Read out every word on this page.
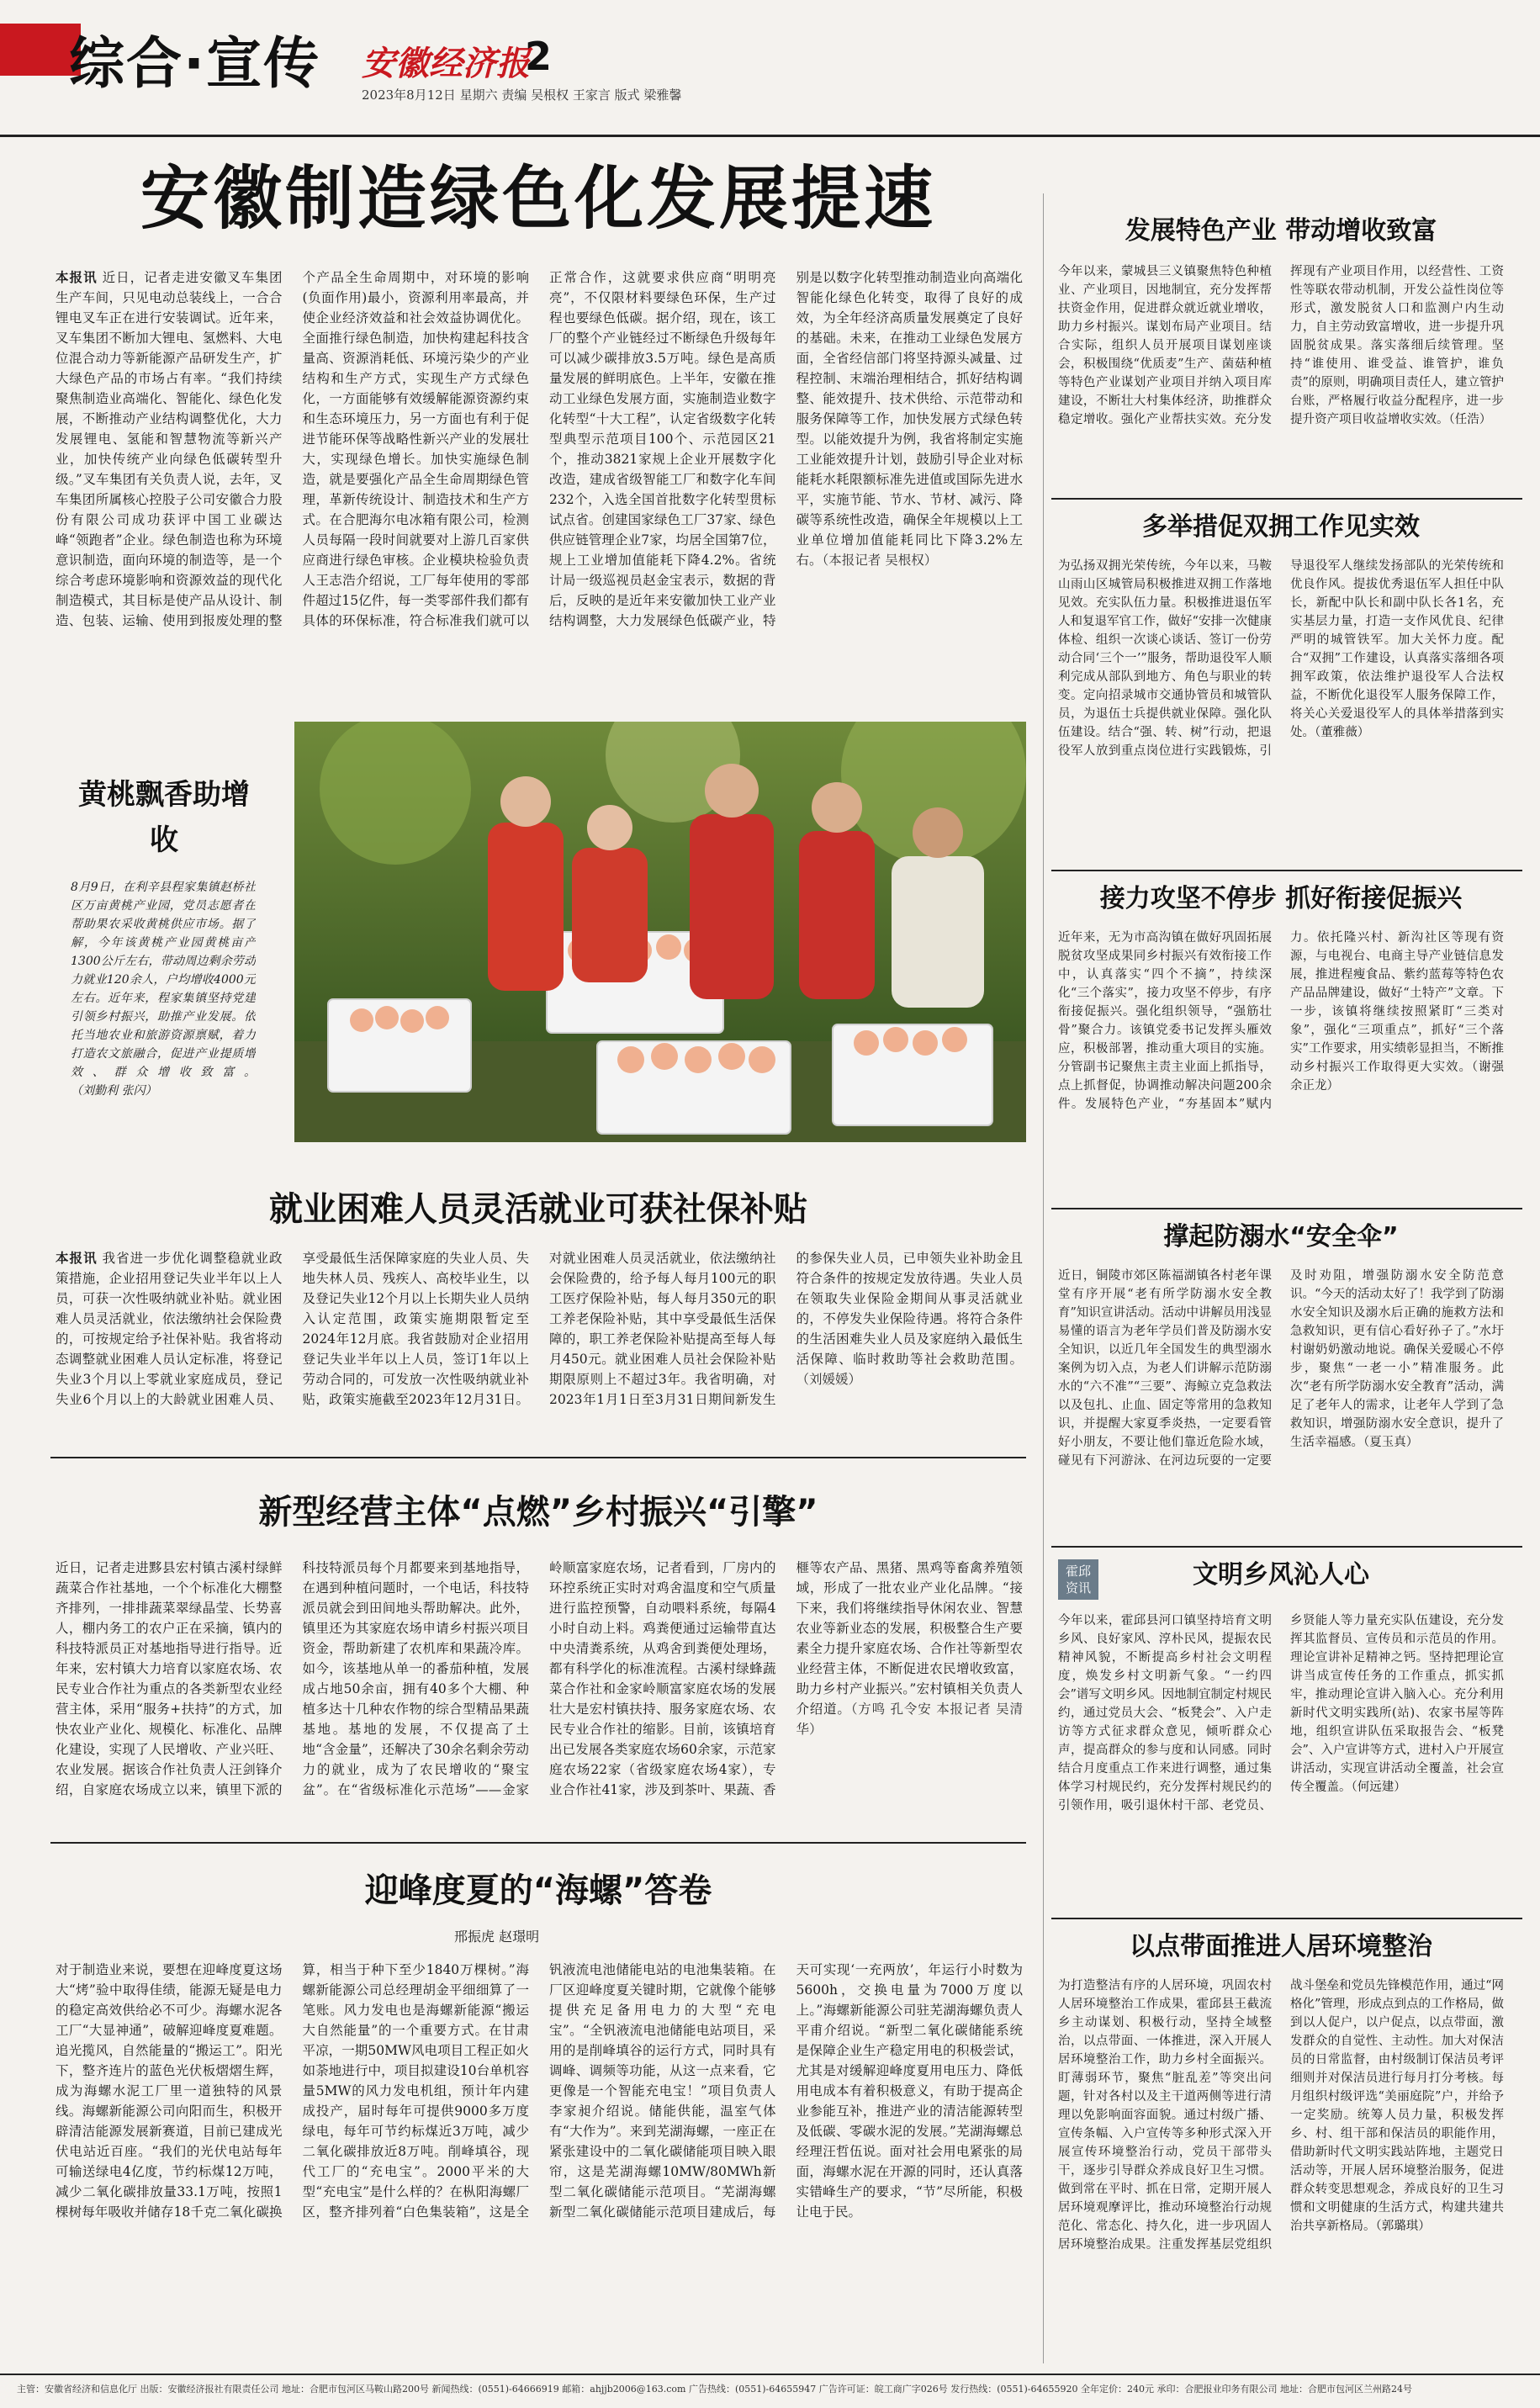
综合·宣传 安徽经济报
2
2023年8月12日 星期六 责编 吴根权 王家言 版式 梁雅馨
安徽制造绿色化发展提速
本报讯 近日，记者走进安徽叉车集团生产车间，只见电动总装线上，一合合锂电叉车正在进行安装调试。近年来，叉车集团不断加大锂电、氢燃料、大电位混合动力等新能源产品研发生产，扩大绿色产品的市场占有率。“我们持续聚焦制造业高端化、智能化、绿色化发展，不断推动产业结构调整优化，大力发展锂电、氢能和智慧物流等新兴产业，加快传统产业向绿色低碳转型升级。”叉车集团有关负责人说，去年，叉车集团所属核心控股子公司安徽合力股份有限公司成功获评中国工业碳达峰“领跑者”企业。绿色制造也称为环境意识制造，面向环境的制造等，是一个综合考虑环境影响和资源效益的现代化制造模式，其目标是使产品从设计、制造、包装、运输、使用到报废处理的整个产品全生命周期中，对环境的影响(负面作用)最小，资源利用率最高，并使企业经济效益和社会效益协调优化。全面推行绿色制造，加快构建起科技含量高、资源消耗低、环境污染少的产业结构和生产方式，实现生产方式绿色化，一方面能够有效缓解能源资源约束和生态环境压力，另一方面也有利于促进节能环保等战略性新兴产业的发展壮大，实现绿色增长。加快实施绿色制造，就是要强化产品全生命周期绿色管理，革新传统设计、制造技术和生产方式。在合肥海尔电冰箱有限公司，检测人员每隔一段时间就要对上游几百家供应商进行绿色审核。企业模块检验负责人王志浩介绍说，工厂每年使用的零部件超过15亿件，每一类零部件我们都有具体的环保标准，符合标准我们就可以正常合作，这就要求供应商“明明亮亮”，不仅限材料要绿色环保，生产过程也要绿色低碳。据介绍，现在，该工厂的整个产业链经过不断绿色升级每年可以减少碳排放3.5万吨。绿色是高质量发展的鲜明底色。上半年，安徽在推动工业绿色发展方面，实施制造业数字化转型“十大工程”，认定省级数字化转型典型示范项目100个、示范园区21个，推动3821家规上企业开展数字化改造，建成省级智能工厂和数字化车间232个，入选全国首批数字化转型贯标试点省。创建国家绿色工厂37家、绿色供应链管理企业7家，均居全国第7位，规上工业增加值能耗下降4.2%。省统计局一级巡视员赵金宝表示，数据的背后，反映的是近年来安徽加快工业产业结构调整，大力发展绿色低碳产业，特别是以数字化转型推动制造业向高端化智能化绿色化转变，取得了良好的成效，为全年经济高质量发展奠定了良好的基础。未来，在推动工业绿色发展方面，全省经信部门将坚持源头减量、过程控制、末端治理相结合，抓好结构调整、能效提升、技术供给、示范带动和服务保障等工作，加快发展方式绿色转型。以能效提升为例，我省将制定实施工业能效提升计划，鼓励引导企业对标能耗水耗限额标准先进值或国际先进水平，实施节能、节水、节材、减污、降碳等系统性改造，确保全年规模以上工业单位增加值能耗同比下降3.2%左右。（本报记者 吴根权）
黄桃飘香助增收
8月9日，在利辛县程家集镇赵桥社区万亩黄桃产业园，党员志愿者在帮助果农采收黄桃供应市场。据了解，今年该黄桃产业园黄桃亩产1300公斤左右，带动周边剩余劳动力就业120余人，户均增收4000元左右。近年来，程家集镇坚持党建引领乡村振兴，助推产业发展。依托当地农业和旅游资源禀赋，着力打造农文旅融合，促进产业提质增效、群众增收致富。（刘勤利 张闪）
就业困难人员灵活就业可获社保补贴
本报讯 我省进一步优化调整稳就业政策措施，企业招用登记失业半年以上人员，可获一次性吸纳就业补贴。就业困难人员灵活就业，依法缴纳社会保险费的，可按规定给予社保补贴。我省将动态调整就业困难人员认定标准，将登记失业3个月以上零就业家庭成员，登记失业6个月以上的大龄就业困难人员、享受最低生活保障家庭的失业人员、失地失林人员、残疾人、高校毕业生，以及登记失业12个月以上长期失业人员纳入认定范围，政策实施期限暂定至2024年12月底。我省鼓励对企业招用登记失业半年以上人员，签订1年以上劳动合同的，可发放一次性吸纳就业补贴，政策实施截至2023年12月31日。对就业困难人员灵活就业，依法缴纳社会保险费的，给予每人每月100元的职工医疗保险补贴，每人每月350元的职工养老保险补贴，其中享受最低生活保障的，职工养老保险补贴提高至每人每月450元。就业困难人员社会保险补贴期限原则上不超过3年。我省明确，对2023年1月1日至3月31日期间新发生的参保失业人员，已申领失业补助金且符合条件的按规定发放待遇。失业人员在领取失业保险金期间从事灵活就业的，不停发失业保险待遇。将符合条件的生活困难失业人员及家庭纳入最低生活保障、临时救助等社会救助范围。（刘媛媛）
新型经营主体“点燃”乡村振兴“引擎”
近日，记者走进黟县宏村镇古溪村绿鲜蔬菜合作社基地，一个个标准化大棚整齐排列，一排排蔬菜翠绿晶莹、长势喜人，棚内务工的农户正在采摘，镇内的科技特派员正对基地指导进行指导。近年来，宏村镇大力培育以家庭农场、农民专业合作社为重点的各类新型农业经营主体，采用“服务+扶持”的方式，加快农业产业化、规模化、标准化、品牌化建设，实现了人民增收、产业兴旺、农业发展。据该合作社负责人汪剑锋介绍，自家庭农场成立以来，镇里下派的科技特派员每个月都要来到基地指导，在遇到种植问题时，一个电话，科技特派员就会到田间地头帮助解决。此外，镇里还为其家庭农场申请乡村振兴项目资金，帮助新建了农机库和果蔬冷库。如今，该基地从单一的番茄种植，发展成占地50余亩，拥有40多个大棚、种植多达十几种农作物的综合型精品果蔬基地。基地的发展，不仅提高了土地“含金量”，还解决了30余名剩余劳动力的就业，成为了农民增收的“聚宝盆”。在“省级标准化示范场”——金家岭顺富家庭农场，记者看到，厂房内的环控系统正实时对鸡舍温度和空气质量进行监控预警，自动喂料系统，每隔4小时自动上料。鸡粪便通过运输带直达中央清粪系统，从鸡舍到粪便处理场，都有科学化的标准流程。古溪村绿蜂蔬菜合作社和金家岭顺富家庭农场的发展壮大是宏村镇扶持、服务家庭农场、农民专业合作社的缩影。目前，该镇培育出已发展各类家庭农场60余家，示范家庭农场22家（省级家庭农场4家），专业合作社41家，涉及到茶叶、果蔬、香榧等农产品、黑猪、黑鸡等畜禽养殖领域，形成了一批农业产业化品牌。“接下来，我们将继续指导休闲农业、智慧农业等新业态的发展，积极整合生产要素全力提升家庭农场、合作社等新型农业经营主体，不断促进农民增收致富，助力乡村产业振兴。”宏村镇相关负责人介绍道。（方鸣 孔令安 本报记者 吴清华）
迎峰度夏的“海螺”答卷
邢振虎 赵璟明
对于制造业来说，要想在迎峰度夏这场大“烤”验中取得佳绩，能源无疑是电力的稳定高效供给必不可少。海螺水泥各工厂“大显神通”，破解迎峰度夏难题。追光揽风，自然能量的“搬运工”。阳光下，整齐连片的蓝色光伏板熠熠生辉，成为海螺水泥工厂里一道独特的风景线。海螺新能源公司向阳而生，积极开辟清洁能源发展新赛道，目前已建成光伏电站近百座。“我们的光伏电站每年可输送绿电4亿度，节约标煤12万吨，减少二氧化碳排放量33.1万吨，按照1棵树每年吸收并储存18千克二氧化碳换算，相当于种下至少1840万棵树。”海螺新能源公司总经理胡金平细细算了一笔账。风力发电也是海螺新能源“搬运大自然能量”的一个重要方式。在甘肃平凉，一期50MW风电项目工程正如火如荼地进行中，项目拟建设10台单机容量5MW的风力发电机组，预计年内建成投产，届时每年可提供9000多万度绿电，每年可节约标煤近3万吨，减少二氧化碳排放近8万吨。削峰填谷，现代工厂的“充电宝”。2000平米的大型“充电宝”是什么样的？在枞阳海螺厂区，整齐排列着“白色集装箱”，这是全钒液流电池储能电站的电池集装箱。在厂区迎峰度夏关键时期，它就像个能够提供充足备用电力的大型“充电宝”。“全钒液流电池储能电站项目，采用的是削峰填谷的运行方式，同时具有调峰、调频等功能，从这一点来看，它更像是一个智能充电宝！”项目负责人李家昶介绍说。储能供能，温室气体有“大作为”。来到芜湖海螺，一座正在紧张建设中的二氧化碳储能项目映入眼帘，这是芜湖海螺10MW/80MWh新型二氧化碳储能示范项目。“芜湖海螺新型二氧化碳储能示范项目建成后，每天可实现‘一充两放’，年运行小时数为5600h，交换电量为7000万度以上。”海螺新能源公司驻芜湖海螺负责人平甫介绍说。“新型二氧化碳储能系统是保障企业生产稳定用电的积极尝试，尤其是对缓解迎峰度夏用电压力、降低用电成本有着积极意义，有助于提高企业参能互补，推进产业的清洁能源转型及低碳、零碳水泥的发展。”芜湖海螺总经理汪哲伍说。面对社会用电紧张的局面，海螺水泥在开源的同时，还认真落实错峰生产的要求，“节”尽所能，积极让电于民。
发展特色产业 带动增收致富
今年以来，蒙城县三义镇聚焦特色种植业、产业项目，因地制宜，充分发挥帮扶资金作用，促进群众就近就业增收，助力乡村振兴。谋划布局产业项目。结合实际，组织人员开展项目谋划座谈会，积极围绕“优质麦”生产、菌菇种植等特色产业谋划产业项目并纳入项目库建设，不断壮大村集体经济，助推群众稳定增收。强化产业帮扶实效。充分发挥现有产业项目作用，以经营性、工资性等联农带动机制，开发公益性岗位等形式，激发脱贫人口和监测户内生动力，自主劳动致富增收，进一步提升巩固脱贫成果。落实落细后续管理。坚持“谁使用、谁受益、谁管护，谁负责”的原则，明确项目责任人，建立管护台账，严格履行收益分配程序，进一步提升资产项目收益增收实效。（任浩）
多举措促双拥工作见实效
为弘扬双拥光荣传统，今年以来，马鞍山雨山区城管局积极推进双拥工作落地见效。充实队伍力量。积极推进退伍军人和复退军官工作，做好“安排一次健康体检、组织一次谈心谈话、签订一份劳动合同‘三个一’”服务，帮助退役军人顺利完成从部队到地方、角色与职业的转变。定向招录城市交通协管员和城管队员，为退伍士兵提供就业保障。强化队伍建设。结合“强、转、树”行动，把退役军人放到重点岗位进行实践锻炼，引导退役军人继续发扬部队的光荣传统和优良作风。提拔优秀退伍军人担任中队长，新配中队长和副中队长各1名，充实基层力量，打造一支作风优良、纪律严明的城管铁军。加大关怀力度。配合“双拥”工作建设，认真落实落细各项拥军政策，依法维护退役军人合法权益，不断优化退役军人服务保障工作，将关心关爱退役军人的具体举措落到实处。（董雅薇）
接力攻坚不停步 抓好衔接促振兴
近年来，无为市高沟镇在做好巩固拓展脱贫攻坚成果同乡村振兴有效衔接工作中，认真落实“四个不摘”，持续深化“三个落实”，接力攻坚不停步，有序衔接促振兴。强化组织领导，“强筋壮骨”聚合力。该镇党委书记发挥头雁效应，积极部署，推动重大项目的实施。分管副书记聚焦主责主业面上抓指导，点上抓督促，协调推动解决问题200余件。发展特色产业，“夯基固本”赋内力。依托隆兴村、新沟社区等现有资源，与电视台、电商主导产业链信息发展，推进程瘦食品、紫约蓝莓等特色农产品品牌建设，做好“土特产”文章。下一步，该镇将继续按照紧盯“三类对象”，强化“三项重点”，抓好“三个落实”工作要求，用实绩彰显担当，不断推动乡村振兴工作取得更大实效。（谢强 余正龙）
撑起防溺水“安全伞”
近日，铜陵市郊区陈福湖镇各村老年课堂有序开展“老有所学防溺水安全教育”知识宣讲活动。活动中讲解员用浅显易懂的语言为老年学员们普及防溺水安全知识，以近几年全国发生的典型溺水案例为切入点，为老人们讲解示范防溺水的“六不准”“三要”、海鲸立克急救法以及包扎、止血、固定等常用的急救知识，并提醒大家夏季炎热，一定要看管好小朋友，不要让他们靠近危险水域，碰见有下河游泳、在河边玩耍的一定要及时劝阻，增强防溺水安全防范意识。“今天的活动太好了！我学到了防溺水安全知识及溺水后正确的施救方法和急救知识，更有信心看好孙子了。”水圩村谢奶奶激动地说。确保关爱暖心不停步，聚焦“一老一小”精准服务。此次“老有所学防溺水安全教育”活动，满足了老年人的需求，让老年人学到了急救知识，增强防溺水安全意识，提升了生活幸福感。（夏玉真）
霍邱资讯	文明乡风沁人心
今年以来，霍邱县河口镇坚持培育文明乡风、良好家风、淳朴民风，提振农民精神风貌，不断提高乡村社会文明程度，焕发乡村文明新气象。“一约四会”谱写文明乡风。因地制宜制定村规民约，通过党员大会、“板凳会”、入户走访等方式征求群众意见，倾听群众心声，提高群众的参与度和认同感。同时结合月度重点工作来进行调整，通过集体学习村规民约，充分发挥村规民约的引领作用，吸引退休村干部、老党员、乡贤能人等力量充实队伍建设，充分发挥其监督员、宣传员和示范员的作用。理论宣讲补足精神之钙。坚持把理论宣讲当成宣传任务的工作重点，抓实抓牢，推动理论宣讲入脑入心。充分利用新时代文明实践所(站)、农家书屋等阵地，组织宣讲队伍采取报告会、“板凳会”、入户宣讲等方式，进村入户开展宣讲活动，实现宣讲活动全覆盖，社会宣传全覆盖。（何远建）
以点带面推进人居环境整治
为打造整洁有序的人居环境，巩固农村人居环境整治工作成果，霍邱县王截流乡主动谋划、积极行动，坚持全域整治，以点带面、一体推进，深入开展人居环境整治工作，助力乡村全面振兴。盯薄弱环节，聚焦“脏乱差”等突出问题，针对各村以及主干道两侧等进行清理以免影响面容面貌。通过村级广播、宣传条幅、入户宣传等多种形式深入开展宣传环境整治行动，党员干部带头干，逐步引导群众养成良好卫生习惯。做到常在平时、抓在日常，定期开展人居环境观摩评比，推动环境整治行动规范化、常态化、持久化，进一步巩固人居环境整治成果。注重发挥基层党组织战斗堡垒和党员先锋模范作用，通过“网格化”管理，形成点到点的工作格局，做到以人促户，以户促点，以点带面，激发群众的自觉性、主动性。加大对保洁员的日常监督，由村级制订保洁员考评细则并对保洁员进行每月打分考核。每月组织村级评选“美丽庭院”户，并给予一定奖励。统筹人员力量，积极发挥乡、村、组干部和保洁员的职能作用，借助新时代文明实践站阵地，主题党日活动等，开展人居环境整治服务，促进群众转变思想观念，养成良好的卫生习惯和文明健康的生活方式，构建共建共治共享新格局。（郭璐琪）
主管：安徽省经济和信息化厅 出版：安徽经济报社有限责任公司 地址：合肥市包河区马鞍山路200号 新闻热线：(0551)-64666919 邮箱：ahjjb2006@163.com 广告热线：(0551)-64655947 广告许可证：皖工商广字026号 发行热线：(0551)-64655920 全年定价：240元 承印：合肥报业印务有限公司 地址：合肥市包河区兰州路24号
